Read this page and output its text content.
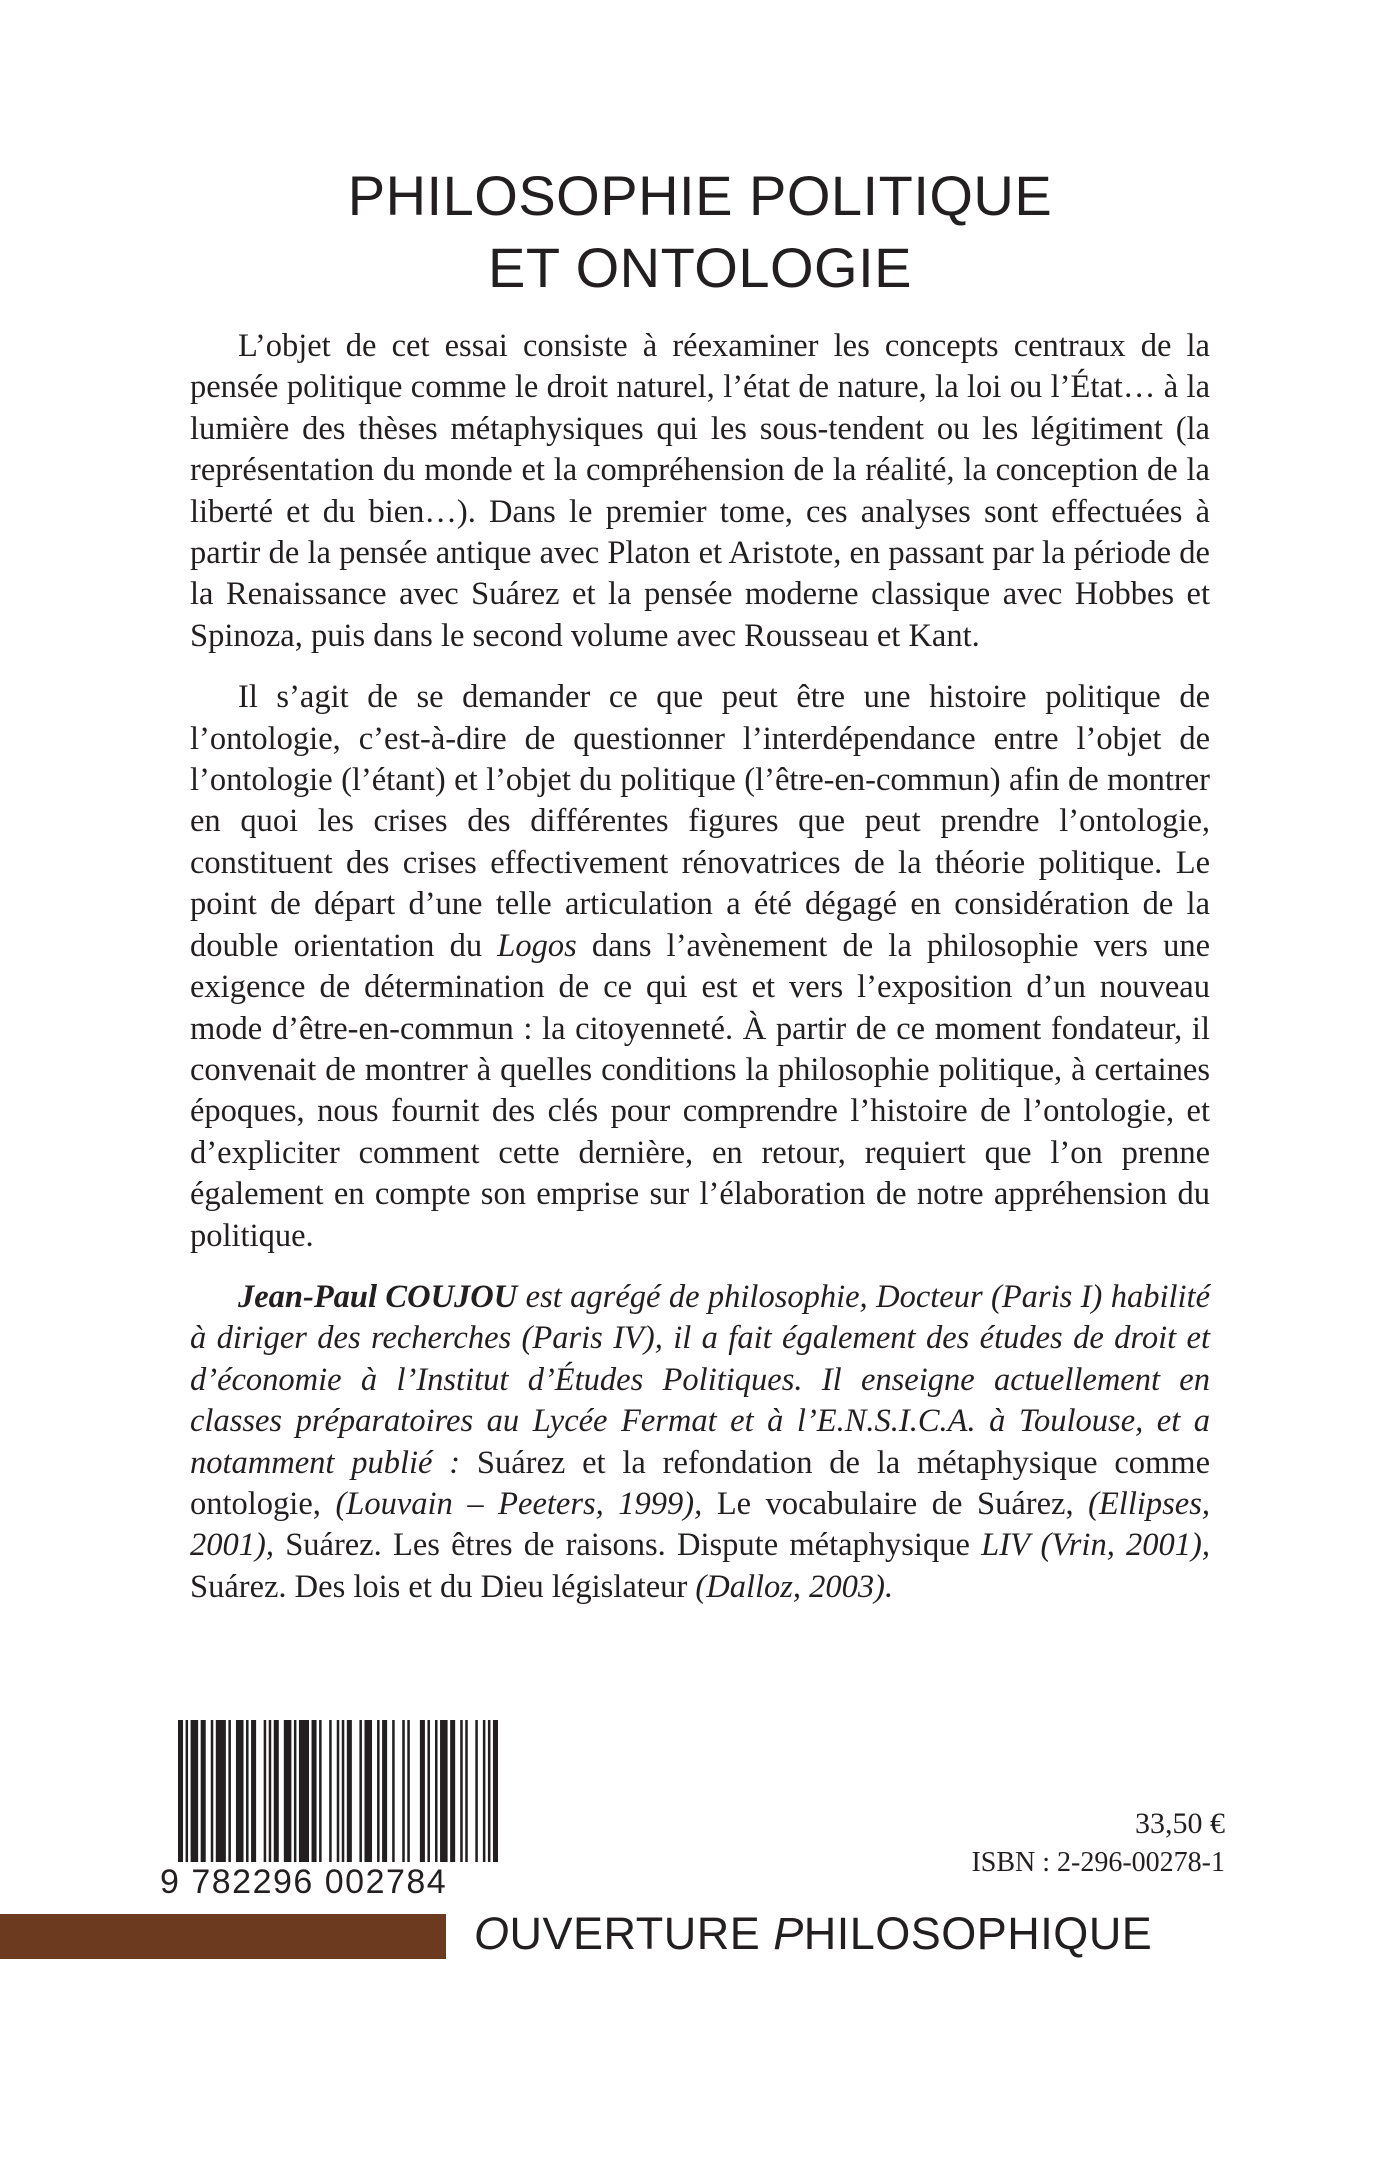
PHILOSOPHIE POLITIQUE
ET ONTOLOGIE

L’objet de cet essai consiste à réexaminer les concepts centraux de la pensée politique comme le droit naturel, l’état de nature, la loi ou l’État… à la lumière des thèses métaphysiques qui les sous-tendent ou les légitiment (la représentation du monde et la compréhension de la réalité, la conception de la liberté et du bien…). Dans le premier tome, ces analyses sont effectuées à partir de la pensée antique avec Platon et Aristote, en passant par la période de la Renaissance avec Suárez et la pensée moderne classique avec Hobbes et Spinoza, puis dans le second volume avec Rousseau et Kant.

Il s’agit de se demander ce que peut être une histoire politique de l’ontologie, c’est-à-dire de questionner l’interdépendance entre l’objet de l’ontologie (l’étant) et l’objet du politique (l’être-en-commun) afin de montrer en quoi les crises des différentes figures que peut prendre l’ontologie, constituent des crises effectivement rénovatrices de la théorie politique. Le point de départ d’une telle articulation a été dégagé en considération de la double orientation du Logos dans l’avènement de la philosophie vers une exigence de détermination de ce qui est et vers l’exposition d’un nouveau mode d’être-en-commun : la citoyenneté. À partir de ce moment fondateur, il convenait de montrer à quelles conditions la philosophie politique, à certaines époques, nous fournit des clés pour comprendre l’histoire de l’ontologie, et d’expliciter comment cette dernière, en retour, requiert que l’on prenne également en compte son emprise sur l’élaboration de notre appréhension du politique.

Jean-Paul COUJOU est agrégé de philosophie, Docteur (Paris I) habilité à diriger des recherches (Paris IV), il a fait également des études de droit et d’économie à l’Institut d’Études Politiques. Il enseigne actuellement en classes préparatoires au Lycée Fermat et à l’E.N.S.I.C.A. à Toulouse, et a notamment publié : Suárez et la refondation de la métaphysique comme ontologie, (Louvain – Peeters, 1999), Le vocabulaire de Suárez, (Ellipses, 2001), Suárez. Les êtres de raisons. Dispute métaphysique LIV (Vrin, 2001), Suárez. Des lois et du Dieu législateur (Dalloz, 2003).

9 782296 002784
33,50 €
ISBN : 2-296-00278-1
OUVERTURE PHILOSOPHIQUE
